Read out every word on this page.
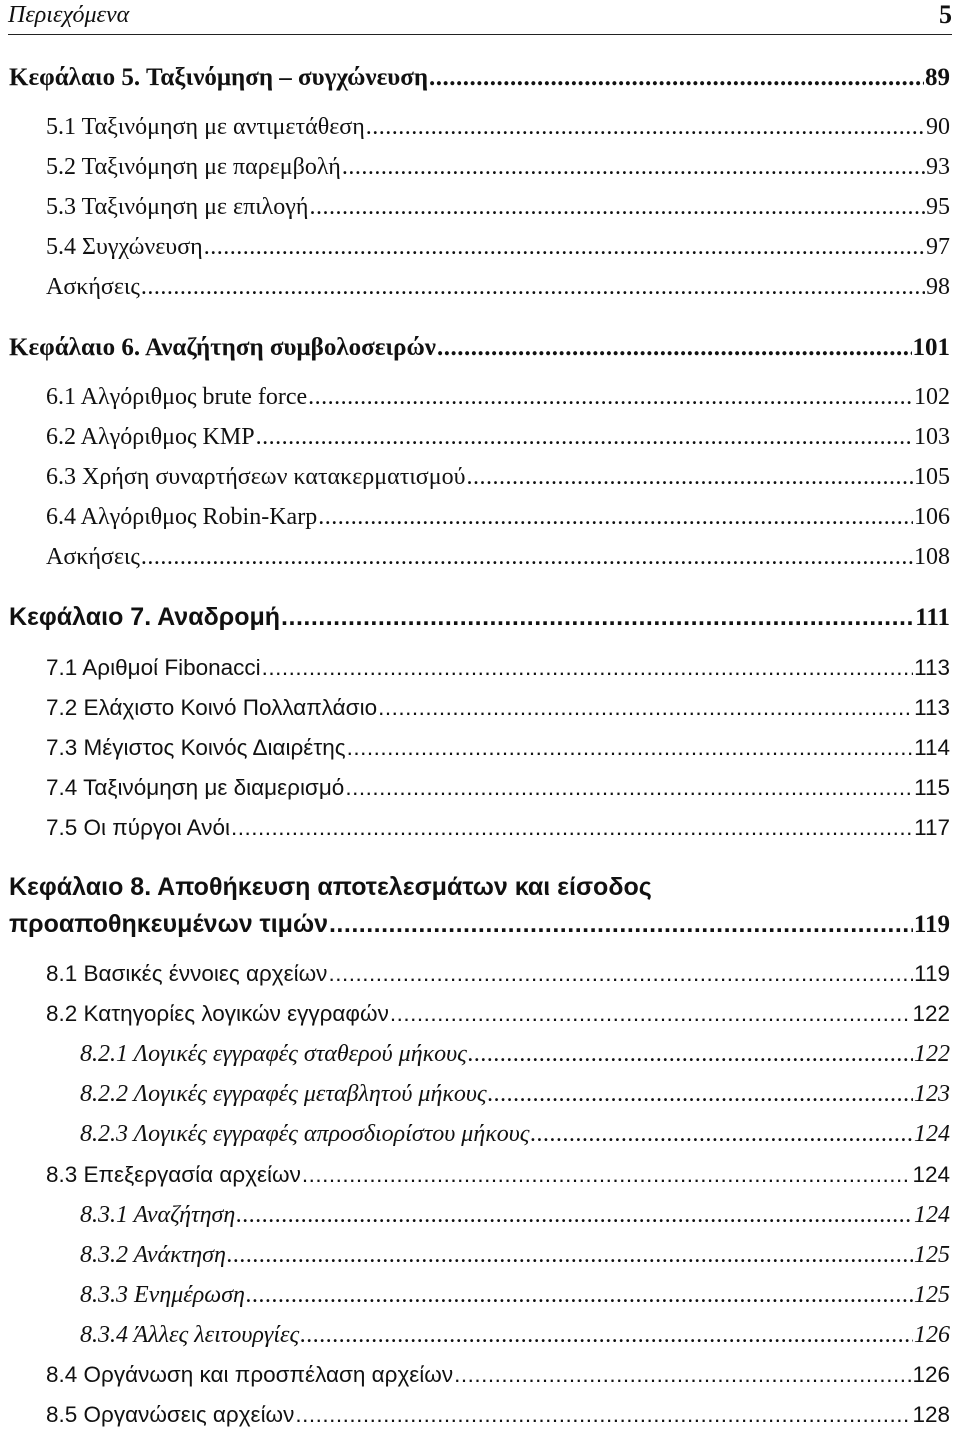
Περιεχόμενα	5
Κεφάλαιο 5. Ταξινόμηση – συγχώνευση .....	89
5.1 Ταξινόμηση με αντιμετάθεση .....	90
5.2 Ταξινόμηση με παρεμβολή .....	93
5.3 Ταξινόμηση με επιλογή .....	95
5.4 Συγχώνευση .....	97
Ασκήσεις .....	98
Κεφάλαιο 6. Αναζήτηση συμβολοσειρών .....	101
6.1 Αλγόριθμος brute force .....	102
6.2 Αλγόριθμος KMP .....	103
6.3 Χρήση συναρτήσεων κατακερματισμού .....	105
6.4 Αλγόριθμος Robin-Karp .....	106
Ασκήσεις .....	108
Κεφάλαιο 7. Αναδρομή .....	111
7.1 Αριθμοί Fibonacci .....	113
7.2 Ελάχιστο Κοινό Πολλαπλάσιο .....	113
7.3 Μέγιστος Κοινός Διαιρέτης .....	114
7.4 Ταξινόμηση με διαμερισμό .....	115
7.5 Οι πύργοι Ανόι .....	117
Κεφάλαιο 8. Αποθήκευση αποτελεσμάτων και είσοδος
προαποθηκευμένων τιμών .....	119
8.1 Βασικές έννοιες αρχείων .....	119
8.2 Κατηγορίες λογικών εγγραφών .....	122
8.2.1 Λογικές εγγραφές σταθερού μήκους .....	122
8.2.2 Λογικές εγγραφές μεταβλητού μήκους .....	123
8.2.3 Λογικές εγγραφές απροσδιορίστου μήκους .....	124
8.3 Επεξεργασία αρχείων .....	124
8.3.1 Αναζήτηση .....	124
8.3.2 Ανάκτηση .....	125
8.3.3 Ενημέρωση .....	125
8.3.4 Άλλες λειτουργίες .....	126
8.4 Οργάνωση και προσπέλαση αρχείων .....	126
8.5 Οργανώσεις αρχείων .....	128
